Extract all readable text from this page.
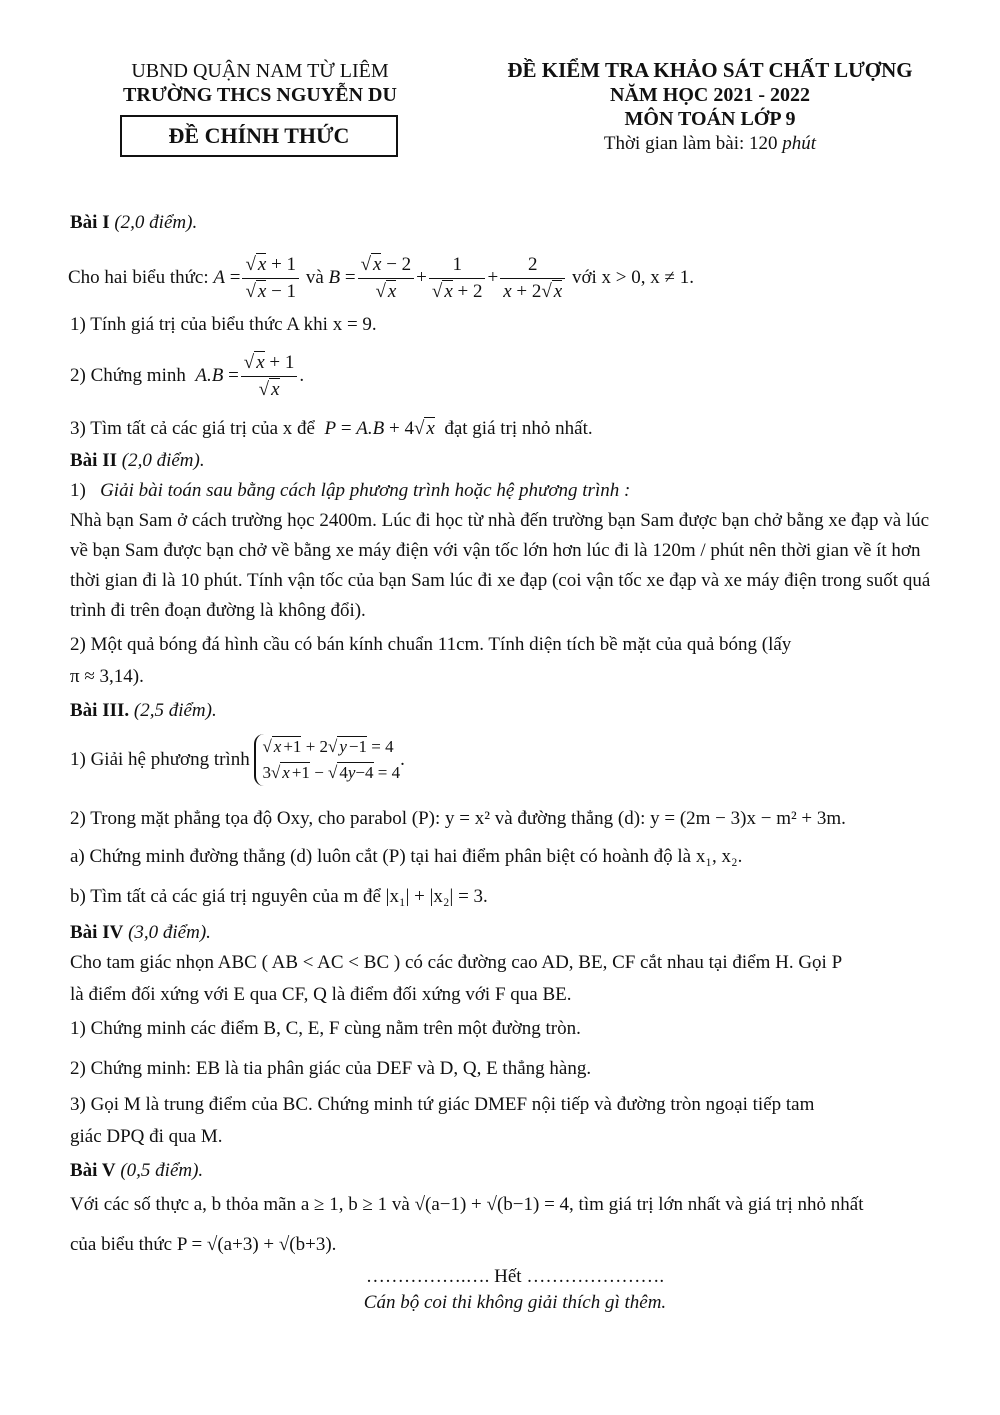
UBND QUẬN NAM TỪ LIÊM
TRƯỜNG THCS NGUYỄN DU
ĐỀ CHÍNH THỨC
ĐỀ KIỂM TRA KHẢO SÁT CHẤT LƯỢNG
NĂM HỌC 2021 - 2022
MÔN TOÁN LỚP 9
Thời gian làm bài: 120 phút
Bài I (2,0 điểm).
Cho hai biểu thức:
$A = \frac{√ x + 1}{√ x - 1}$
và
$B = \frac{√ x - 2}{√ x} + \frac{1}{√ x + 2} + \frac{2}{x + 2√ x}$
với x > 0, x ≠ 1.
1) Tính giá trị của biểu thức A khi x = 9.
2) Chứng minh
$A.B = \frac{√ x + 1}{√ x}$ .
3) Tìm tất cả các giá trị của x để P = A.B + 4√ x đạt giá trị nhỏ nhất.
Bài II (2,0 điểm).
1) Giải bài toán sau bằng cách lập phương trình hoặc hệ phương trình :
Nhà bạn Sam ở cách trường học 2400m. Lúc đi học từ nhà đến trường bạn Sam được bạn chở bằng xe đạp và lúc về bạn Sam được bạn chở về bằng xe máy điện với vận tốc lớn hơn lúc đi là 120m / phút nên thời gian về ít hơn thời gian đi là 10 phút. Tính vận tốc của bạn Sam lúc đi xe đạp (coi vận tốc xe đạp và xe máy điện trong suốt quá trình đi trên đoạn đường là không đổi).
2) Một quả bóng đá hình cầu có bán kính chuẩn 11cm. Tính diện tích bề mặt của quả bóng (lấy
π ≈ 3,14).
Bài III. (2,5 điểm).
1) Giải hệ phương trình

√ x +1 + 2√ y −1 = 4
3√ x +1 − √ 4y−4 = 4
.
2) Trong mặt phẳng tọa độ Oxy, cho parabol (P): y = x² và đường thẳng (d): y = (2m − 3)x − m² + 3m.
a) Chứng minh đường thẳng (d) luôn cắt (P) tại hai điểm phân biệt có hoành độ là x₁, x₂.
b) Tìm tất cả các giá trị nguyên của m để |x₁| + |x₂| = 3.
Bài IV (3,0 điểm).
Cho tam giác nhọn ABC ( AB < AC < BC ) có các đường cao AD, BE, CF cắt nhau tại điểm H. Gọi P
là điểm đối xứng với E qua CF, Q là điểm đối xứng với F qua BE.
1) Chứng minh các điểm B, C, E, F cùng nằm trên một đường tròn.
2) Chứng minh: EB là tia phân giác của DEF và D, Q, E thẳng hàng.
3) Gọi M là trung điểm của BC. Chứng minh tứ giác DMEF nội tiếp và đường tròn ngoại tiếp tam
giác DPQ đi qua M.
Bài V (0,5 điểm).
Với các số thực a, b thỏa mãn a ≥ 1, b ≥ 1 và √(a−1) + √(b−1) = 4, tìm giá trị lớn nhất và giá trị nhỏ nhất
của biểu thức P = √(a+3) + √(b+3).
…………….…. Hết ………………….
Cán bộ coi thi không giải thích gì thêm.
